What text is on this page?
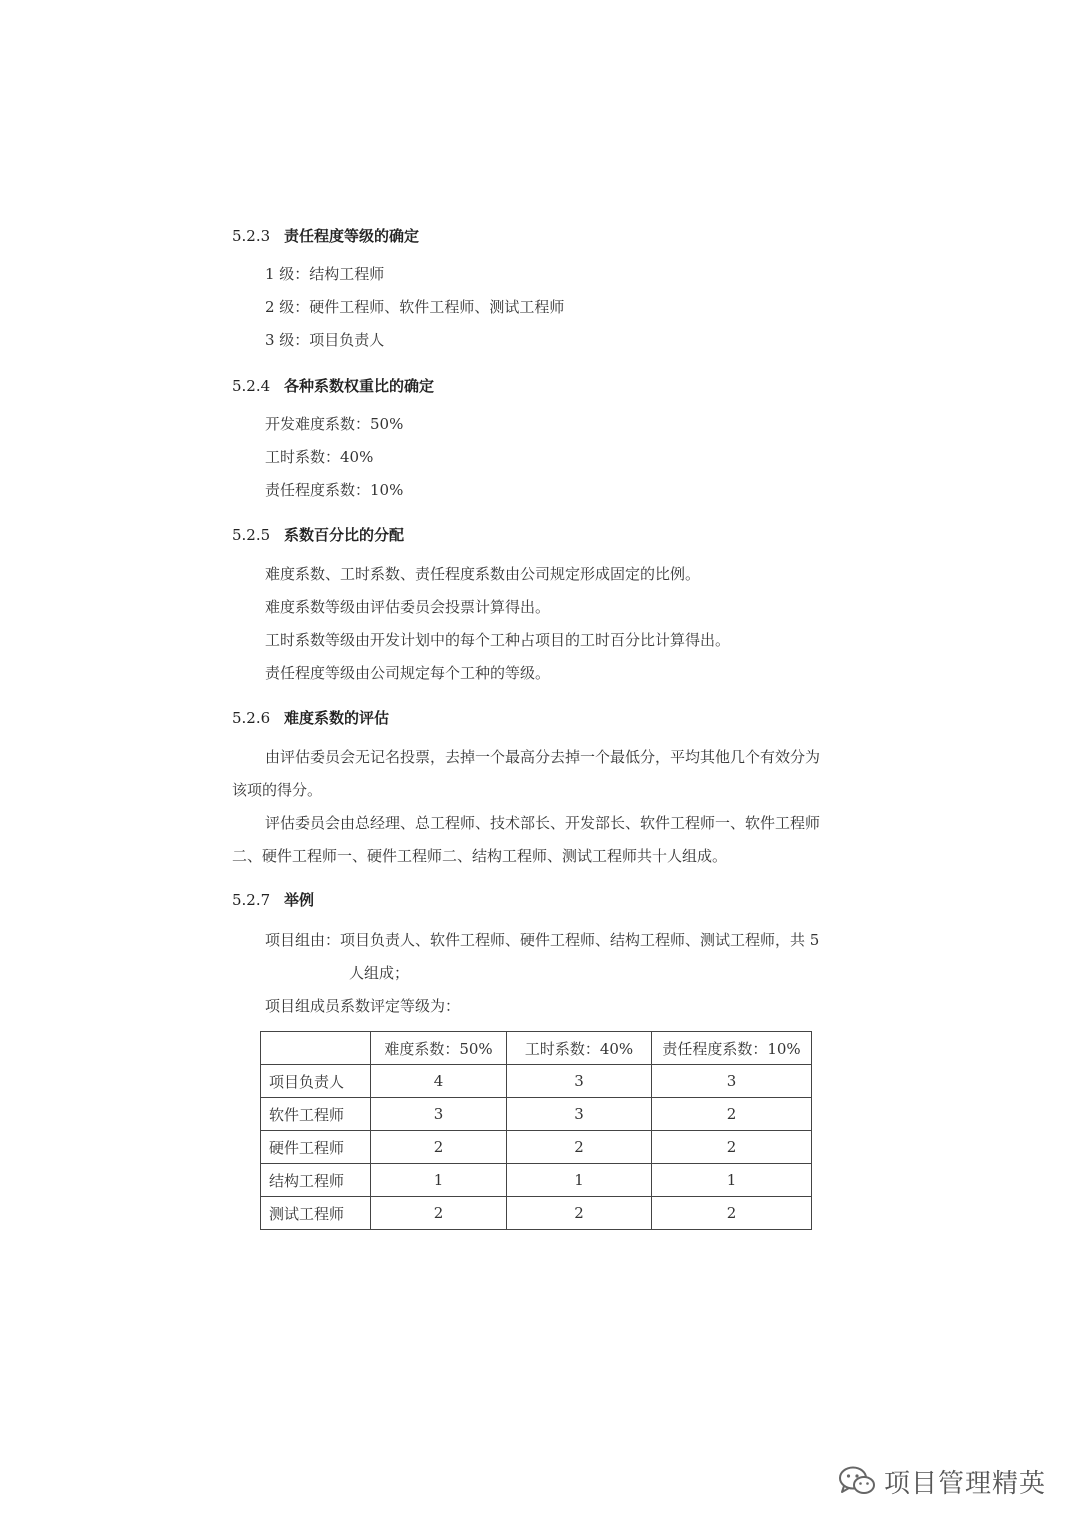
5.2.3 责任程度等级的确定
1 级：结构工程师
2 级：硬件工程师、软件工程师、测试工程师
3 级：项目负责人
5.2.4 各种系数权重比的确定
开发难度系数：50%
工时系数：40%
责任程度系数：10%
5.2.5 系数百分比的分配
难度系数、工时系数、责任程度系数由公司规定形成固定的比例。
难度系数等级由评估委员会投票计算得出。
工时系数等级由开发计划中的每个工种占项目的工时百分比计算得出。
责任程度等级由公司规定每个工种的等级。
5.2.6 难度系数的评估
由评估委员会无记名投票，去掉一个最高分去掉一个最低分，平均其他几个有效分为
该项的得分。
评估委员会由总经理、总工程师、技术部长、开发部长、软件工程师一、软件工程师
二、硬件工程师一、硬件工程师二、结构工程师、测试工程师共十人组成。
5.2.7 举例
项目组由：项目负责人、软件工程师、硬件工程师、结构工程师、测试工程师，共 5
人组成；
项目组成员系数评定等级为：
	难度系数：50%	工时系数：40%	责任程度系数：10%
项目负责人	4	3	3
软件工程师	3	3	2
硬件工程师	2	2	2
结构工程师	1	1	1
测试工程师	2	2	2
项目管理精英
